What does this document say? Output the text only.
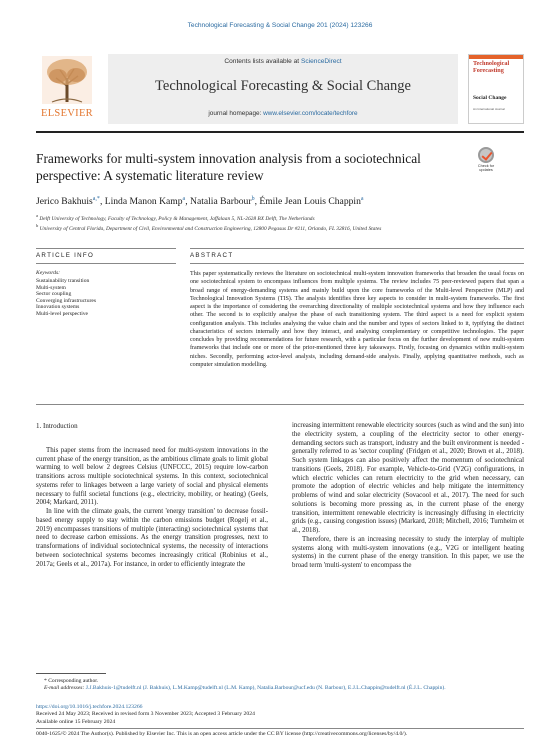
Technological Forecasting & Social Change 201 (2024) 123266
ELSEVIER
Contents lists available at ScienceDirect
Technological Forecasting & Social Change
journal homepage: www.elsevier.com/locate/techfore
Technological Forecasting
Social Change
An International Journal
Frameworks for multi-system innovation analysis from a sociotechnical perspective: A systematic literature review
Check for updates
Jerico Bakhuis$^{a,*}$, Linda Manon Kamp$^a$, Natalia Barbour$^b$, Émile Jean Louis Chappin$^a$
$^a$ Delft University of Technology, Faculty of Technology, Policy & Management, Jaffalaan 5, NL-2628 BX Delft, The Netherlands
$^b$ University of Central Florida, Department of Civil, Environmental and Construction Engineering, 12800 Pegasus Dr #211, Orlando, FL 32816, United States
ARTICLE INFO	ABSTRACT
Keywords:
Sustainability transition
Multi-system
Sector coupling
Converging infrastructures
Innovation systems
Multi-level perspective
This paper systematically reviews the literature on sociotechnical multi-system innovation frameworks that broaden the usual focus on one sociotechnical system to encompass influences from multiple systems. The review includes 75 peer-reviewed papers that span a broad range of energy-demanding systems and mainly build upon the core frameworks of the Multi-level Perspective (MLP) and Technological Innovation Systems (TIS). The analysis identifies three key aspects to consider in multi-system frameworks. The first aspect is the importance of considering the overarching directionality of multiple sociotechnical systems and how they influence each other. The second is to explicitly analyse the phase of each transitioning system. The third aspect is a need for explicit system configuration analysis. This includes analysing the value chain and the number and types of sectors linked to it, typifying the distinct characteristics of sectors internally and how they interact, and analysing complementary or competitive technologies. The paper concludes by providing recommendations for future research, with a particular focus on the further development of new multi-system frameworks that include one or more of the prior-mentioned three key takeaways. Firstly, focusing on dynamics within multi-system niches. Secondly, performing actor-level analysis, including demand-side analysis. Finally, applying quantitative methods, such as computer simulation modelling.

1. Introduction

This paper stems from the increased need for multi-system innovations in the current phase of the energy transition, as the ambitious climate goals to limit global warming to well below 2 degrees Celsius (UNFCCC, 2015) require low-carbon transitions across multiple sociotechnical systems. In this context, sociotechnical systems refer to linkages between a large variety of social and physical elements necessary to fulfil societal functions (e.g., electricity, mobility, or heating) (Geels, 2004; Markard, 2011).

In line with the climate goals, the current 'energy transition' to decrease fossil-based energy supply to stay within the carbon emissions budget (Rogelj et al., 2019) encompasses transitions of multiple (interacting) sociotechnical systems that need to decrease carbon emissions. As the energy transition progresses, next to transformations of individual sociotechnical systems, the necessity of interactions between sociotechnical systems becomes increasingly critical (Robinius et al., 2017a; Geels et al., 2017a). For instance, in order to efficiently integrate the

increasing intermittent renewable electricity sources (such as wind and the sun) into the electricity system, a coupling of the electricity sector to other energy-demanding sectors such as transport, industry and the built environment is needed - generally referred to as 'sector coupling' (Fridgen et al., 2020; Brown et al., 2018). Such system linkages can also positively affect the momentum of sociotechnical transitions (Geels, 2018). For example, Vehicle-to-Grid (V2G) configurations, in which electric vehicles can return electricity to the grid when necessary, can promote the adoption of electric vehicles and help mitigate the intermittency problems of wind and solar electricity (Sovacool et al., 2017). The need for such solutions is becoming more pressing as, in the current phase of the energy transition, intermittent renewable electricity is increasingly diffusing in electricity grids (e.g., causing congestion issues) (Markard, 2018; Mitchell, 2016; Turnheim et al., 2018).

Therefore, there is an increasing necessity to study the interplay of multiple systems along with multi-system innovations (e.g., V2G or intelligent heating systems) in the current phase of the energy transition. In this paper, we use the broad term 'multi-system' to encompass the

* Corresponding author.
E-mail addresses: J.J.Bakhuis-1@tudelft.nl (J. Bakhuis), L.M.Kamp@tudelft.nl (L.M. Kamp), Natalia.Barbour@ucf.edu (N. Barbour), E.J.L.Chappin@tudelft.nl (É.J.L. Chappin).
https://doi.org/10.1016/j.techfore.2024.123266
Received 24 May 2023; Received in revised form 3 November 2023; Accepted 3 February 2024
Available online 15 February 2024
0040-1625/© 2024 The Author(s). Published by Elsevier Inc. This is an open access article under the CC BY license (http://creativecommons.org/licenses/by/4.0/).
